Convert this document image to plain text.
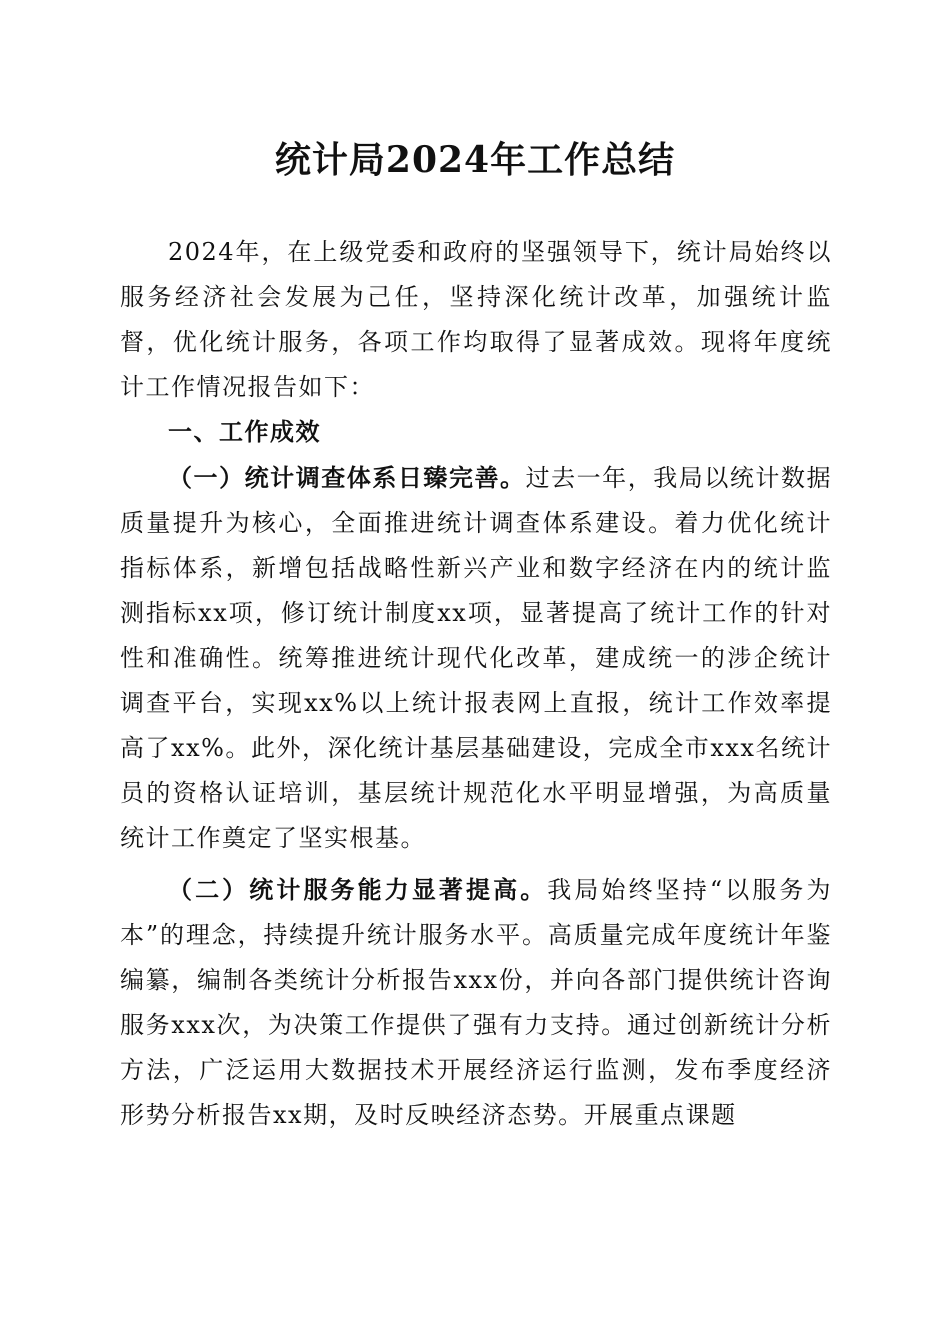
统计局2024年工作总结

2024年，在上级党委和政府的坚强领导下，统计局始终以服务经济社会发展为己任，坚持深化统计改革，加强统计监督，优化统计服务，各项工作均取得了显著成效。现将年度统计工作情况报告如下：

一、工作成效

（一）统计调查体系日臻完善。过去一年，我局以统计数据质量提升为核心，全面推进统计调查体系建设。着力优化统计指标体系，新增包括战略性新兴产业和数字经济在内的统计监测指标xx项，修订统计制度xx项，显著提高了统计工作的针对性和准确性。统筹推进统计现代化改革，建成统一的涉企统计调查平台，实现xx%以上统计报表网上直报，统计工作效率提高了xx%。此外，深化统计基层基础建设，完成全市xxx名统计员的资格认证培训，基层统计规范化水平明显增强，为高质量统计工作奠定了坚实根基。

（二）统计服务能力显著提高。我局始终坚持“以服务为本”的理念，持续提升统计服务水平。高质量完成年度统计年鉴编纂，编制各类统计分析报告xxx份，并向各部门提供统计咨询服务xxx次，为决策工作提供了强有力支持。通过创新统计分析方法，广泛运用大数据技术开展经济运行监测，发布季度经济形势分析报告xx期，及时反映经济态势。开展重点课题
